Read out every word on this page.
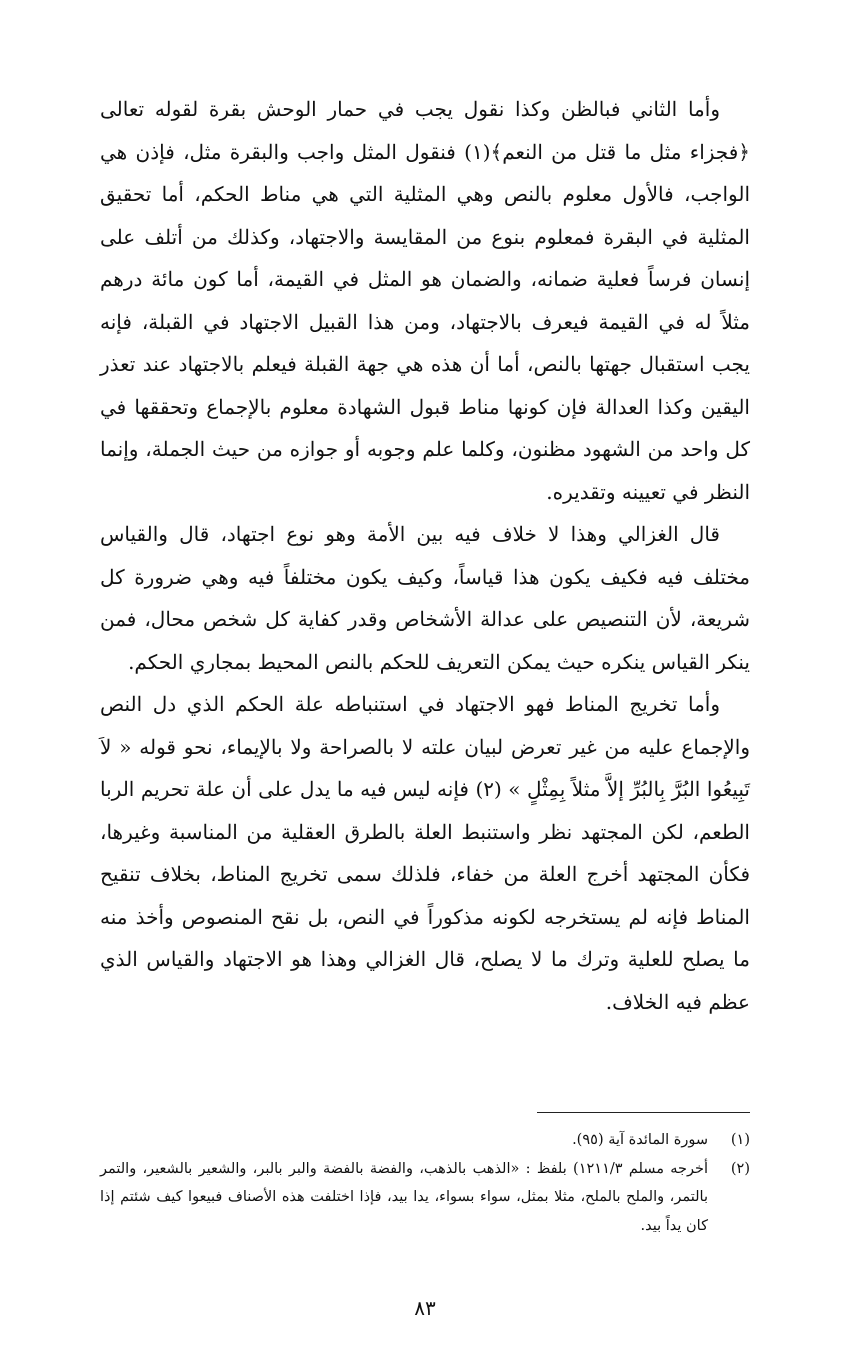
وأما الثاني فبالظن وكذا نقول يجب في حمار الوحش بقرة لقوله تعالى ﴿فجزاء مثل ما قتل من النعم﴾(١) فنقول المثل واجب والبقرة مثل، فإذن هي الواجب، فالأول معلوم بالنص وهي المثلية التي هي مناط الحكم، أما تحقيق المثلية في البقرة فمعلوم بنوع من المقايسة والاجتهاد، وكذلك من أتلف على إنسان فرساً فعلية ضمانه، والضمان هو المثل في القيمة، أما كون مائة درهم مثلاً له في القيمة فيعرف بالاجتهاد، ومن هذا القبيل الاجتهاد في القبلة، فإنه يجب استقبال جهتها بالنص، أما أن هذه هي جهة القبلة فيعلم بالاجتهاد عند تعذر اليقين وكذا العدالة فإن كونها مناط قبول الشهادة معلوم بالإجماع وتحققها في كل واحد من الشهود مظنون، وكلما علم وجوبه أو جوازه من حيث الجملة، وإنما النظر في تعيينه وتقديره.

قال الغزالي وهذا لا خلاف فيه بين الأمة وهو نوع اجتهاد، قال والقياس مختلف فيه فكيف يكون هذا قياساً، وكيف يكون مختلفاً فيه وهي ضرورة كل شريعة، لأن التنصيص على عدالة الأشخاص وقدر كفاية كل شخص محال، فمن ينكر القياس ينكره حيث يمكن التعريف للحكم بالنص المحيط بمجاري الحكم.

وأما تخريج المناط فهو الاجتهاد في استنباطه علة الحكم الذي دل النص والإجماع عليه من غير تعرض لبيان علته لا بالصراحة ولا بالإيماء، نحو قوله « لاَ تَبِيعُوا البُرَّ بِالبُرِّ إلاَّ مثلاً بِمِثْلٍ » (٢) فإنه ليس فيه ما يدل على أن علة تحريم الربا الطعم، لكن المجتهد نظر واستنبط العلة بالطرق العقلية من المناسبة وغيرها، فكأن المجتهد أخرج العلة من خفاء، فلذلك سمى تخريج المناط، بخلاف تنقيح المناط فإنه لم يستخرجه لكونه مذكوراً في النص، بل نقح المنصوص وأخذ منه ما يصلح للعلية وترك ما لا يصلح، قال الغزالي وهذا هو الاجتهاد والقياس الذي عظم فيه الخلاف.

(١)
سورة المائدة آية (٩٥).
(٢)
أخرجه مسلم ١٢١١/٣) بلفظ : «الذهب بالذهب، والفضة بالفضة والبر بالبر، والشعير بالشعير، والتمر بالتمر، والملح بالملح، مثلا بمثل، سواء بسواء، يدا بيد، فإذا اختلفت هذه الأصناف فبيعوا كيف شئتم إذا كان يداً بيد.
٨٣
